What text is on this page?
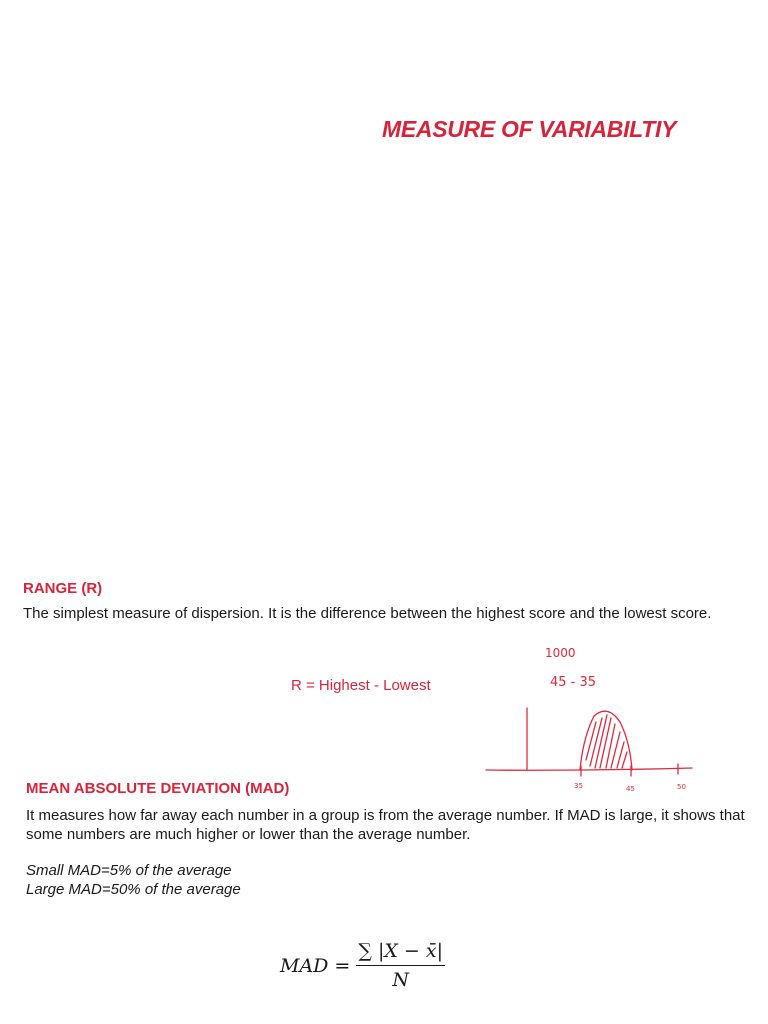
MEASURE OF VARIABILTIY
RANGE (R)
The simplest measure of dispersion. It is the difference between the highest score and the lowest score.
R = Highest - Lowest
1000
45 - 35
35	45	50
MEAN ABSOLUTE DEVIATION (MAD)
It measures how far away each number in a group is from the average number. If MAD is large, it shows that some numbers are much higher or lower than the average number.
Small MAD=5% of the average
Large MAD=50% of the average
MAD = $\frac{\sum |X - x̄|}{N}$
